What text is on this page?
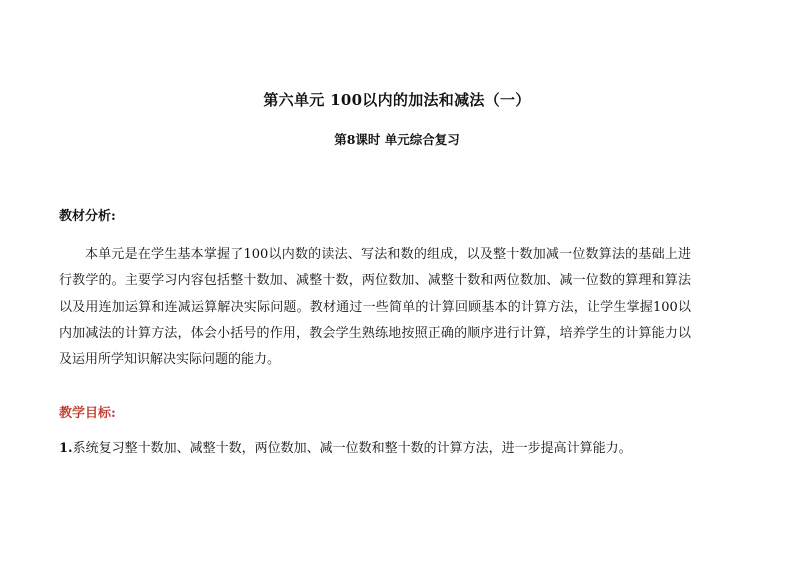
第六单元 100以内的加法和减法（一）
第8课时 单元综合复习
教材分析:
本单元是在学生基本掌握了100以内数的读法、写法和数的组成，以及整十数加减一位数算法的基础上进行教学的。主要学习内容包括整十数加、减整十数，两位数加、减整十数和两位数加、减一位数的算理和算法以及用连加运算和连减运算解决实际问题。教材通过一些简单的计算回顾基本的计算方法，让学生掌握100以内加减法的计算方法，体会小括号的作用，教会学生熟练地按照正确的顺序进行计算，培养学生的计算能力以及运用所学知识解决实际问题的能力。
教学目标:
1.系统复习整十数加、减整十数，两位数加、减一位数和整十数的计算方法，进一步提高计算能力。
